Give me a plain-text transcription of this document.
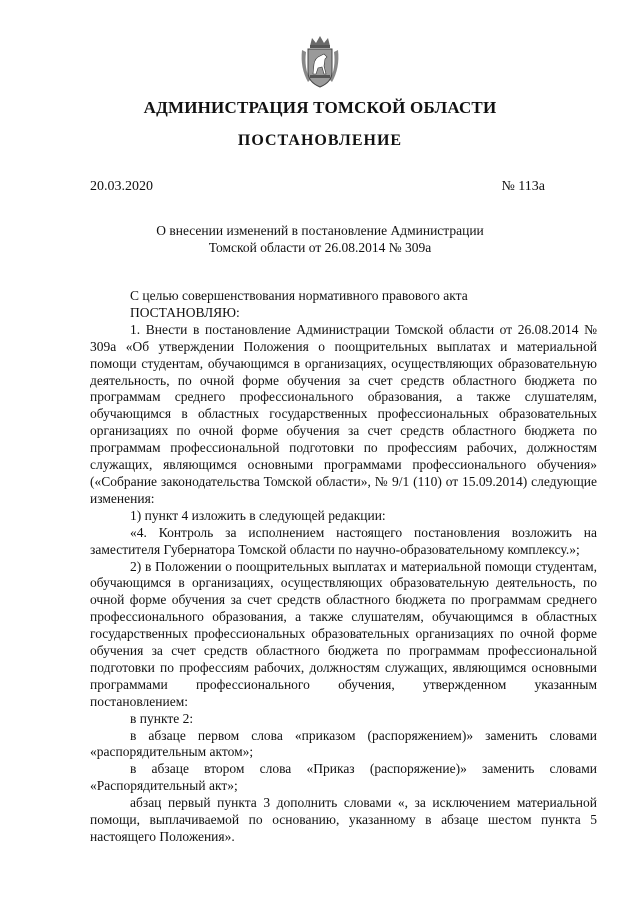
АДМИНИСТРАЦИЯ ТОМСКОЙ ОБЛАСТИ
ПОСТАНОВЛЕНИЕ
20.03.2020	№ 113а
О внесении изменений в постановление Администрации
Томской области от 26.08.2014 № 309а

С целью совершенствования нормативного правового акта

ПОСТАНОВЛЯЮ:

1. Внести в постановление Администрации Томской области от 26.08.2014 № 309а «Об утверждении Положения о поощрительных выплатах и материальной помощи студентам, обучающимся в организациях, осуществляющих образовательную деятельность, по очной форме обучения за счет средств областного бюджета по программам среднего профессионального образования, а также слушателям, обучающимся в областных государственных профессиональных образовательных организациях по очной форме обучения за счет средств областного бюджета по программам профессиональной подготовки по профессиям рабочих, должностям служащих, являющимся основными программами профессионального обучения» («Собрание законодательства Томской области», № 9/1 (110) от 15.09.2014) следующие изменения:

1) пункт 4 изложить в следующей редакции:

«4. Контроль за исполнением настоящего постановления возложить на заместителя Губернатора Томской области по научно-образовательному комплексу.»;

2) в Положении о поощрительных выплатах и материальной помощи студентам, обучающимся в организациях, осуществляющих образовательную деятельность, по очной форме обучения за счет средств областного бюджета по программам среднего профессионального образования, а также слушателям, обучающимся в областных государственных профессиональных образовательных организациях по очной форме обучения за счет средств областного бюджета по программам профессиональной подготовки по профессиям рабочих, должностям служащих, являющимся основными программами профессионального обучения, утвержденном указанным постановлением:

в пункте 2:

в абзаце первом слова «приказом (распоряжением)» заменить словами «распорядительным актом»;

в абзаце втором слова «Приказ (распоряжение)» заменить словами «Распорядительный акт»;

абзац первый пункта 3 дополнить словами «, за исключением материальной помощи, выплачиваемой по основанию, указанному в абзаце шестом пункта 5 настоящего Положения».
